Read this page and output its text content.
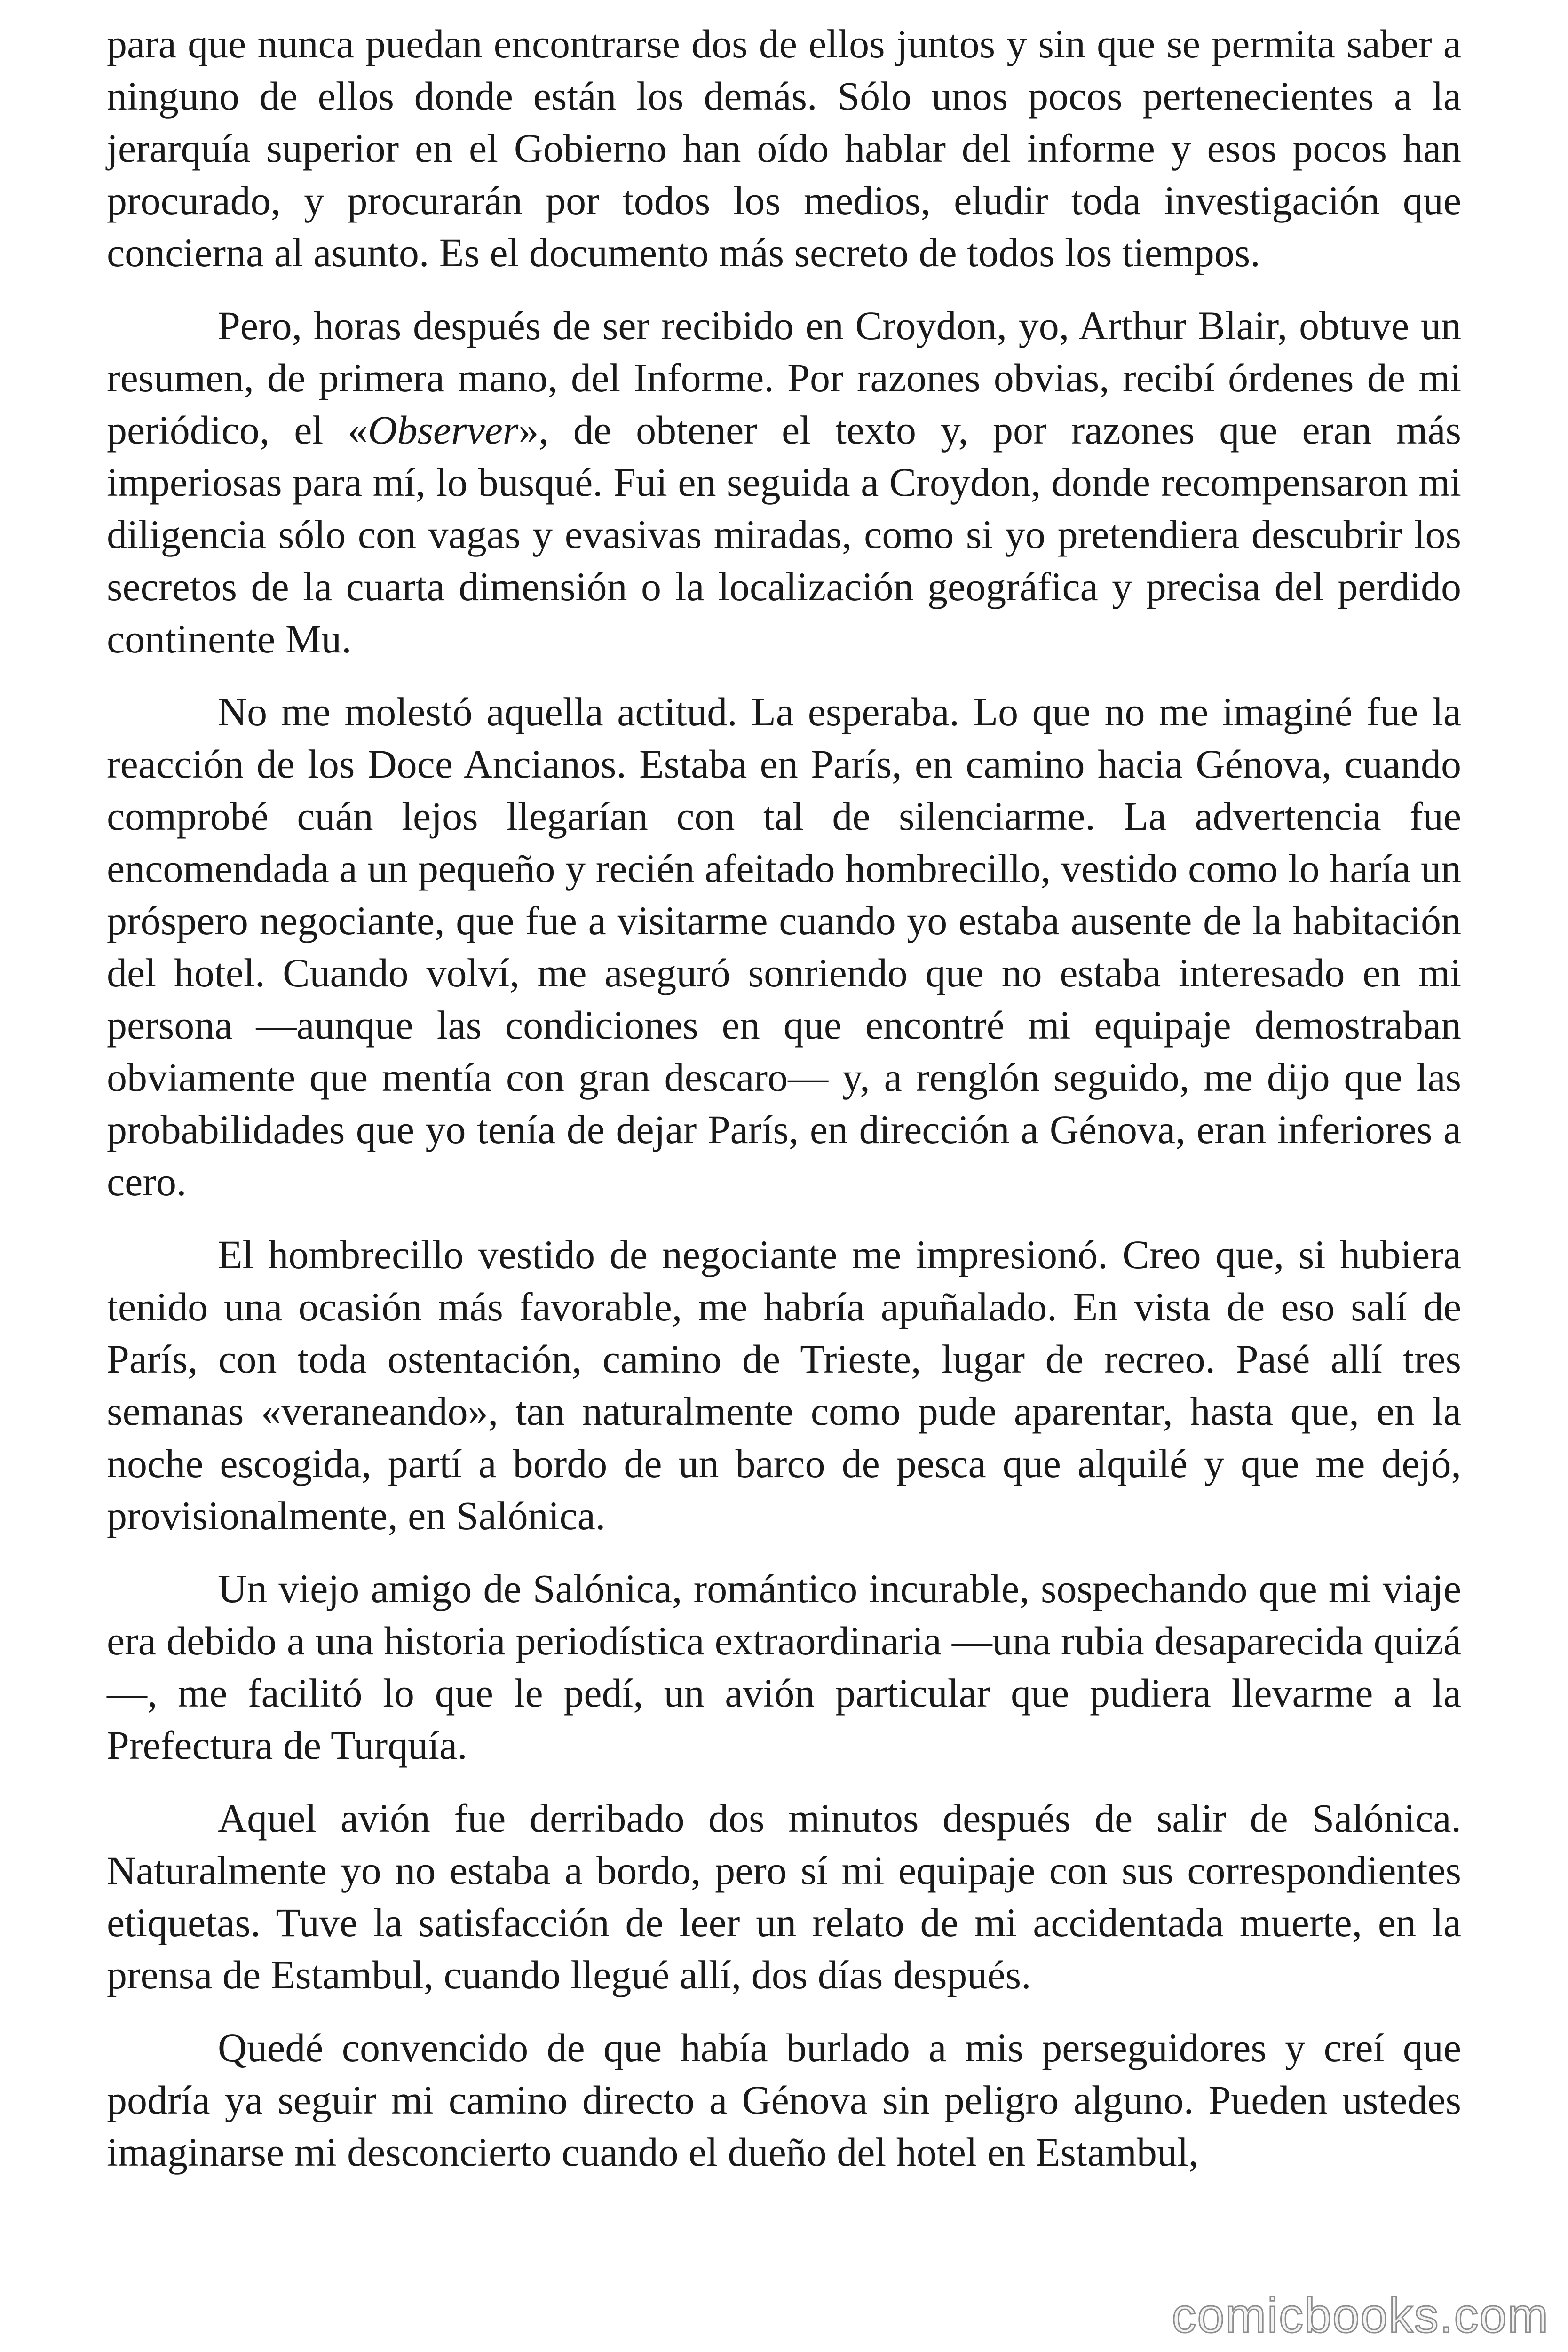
para que nunca puedan encontrarse dos de ellos juntos y sin que se permita saber a ninguno de ellos donde están los demás. Sólo unos pocos pertenecientes a la jerarquía superior en el Gobierno han oído hablar del informe y esos pocos han procurado, y procurarán por todos los medios, eludir toda investigación que concierna al asunto. Es el documento más secreto de todos los tiempos.

Pero, horas después de ser recibido en Croydon, yo, Arthur Blair, obtuve un resumen, de primera mano, del Informe. Por razones obvias, recibí órdenes de mi periódico, el «Observer», de obtener el texto y, por razones que eran más imperiosas para mí, lo busqué. Fui en seguida a Croydon, donde recompensaron mi diligencia sólo con vagas y evasivas miradas, como si yo pretendiera descubrir los secretos de la cuarta dimensión o la localización geográfica y precisa del perdido continente Mu.

No me molestó aquella actitud. La esperaba. Lo que no me imaginé fue la reacción de los Doce Ancianos. Estaba en París, en camino hacia Génova, cuando comprobé cuán lejos llegarían con tal de silenciarme. La advertencia fue encomendada a un pequeño y recién afeitado hombrecillo, vestido como lo haría un próspero negociante, que fue a visitarme cuando yo estaba ausente de la habitación del hotel. Cuando volví, me aseguró sonriendo que no estaba interesado en mi persona —aunque las condiciones en que encontré mi equipaje demostraban obviamente que mentía con gran descaro— y, a renglón seguido, me dijo que las probabilidades que yo tenía de dejar París, en dirección a Génova, eran inferiores a cero.

El hombrecillo vestido de negociante me impresionó. Creo que, si hubiera tenido una ocasión más favorable, me habría apuñalado. En vista de eso salí de París, con toda ostentación, camino de Trieste, lugar de recreo. Pasé allí tres semanas «veraneando», tan naturalmente como pude aparentar, hasta que, en la noche escogida, partí a bordo de un barco de pesca que alquilé y que me dejó, provisionalmente, en Salónica.

Un viejo amigo de Salónica, romántico incurable, sospechando que mi viaje era debido a una historia periodística extraordinaria —una rubia desaparecida quizá—, me facilitó lo que le pedí, un avión particular que pudiera llevarme a la Prefectura de Turquía.

Aquel avión fue derribado dos minutos después de salir de Salónica. Naturalmente yo no estaba a bordo, pero sí mi equipaje con sus correspondientes etiquetas. Tuve la satisfacción de leer un relato de mi accidentada muerte, en la prensa de Estambul, cuando llegué allí, dos días después.

Quedé convencido de que había burlado a mis perseguidores y creí que podría ya seguir mi camino directo a Génova sin peligro alguno. Pueden ustedes imaginarse mi desconcierto cuando el dueño del hotel en Estambul,

comicbooks.com
